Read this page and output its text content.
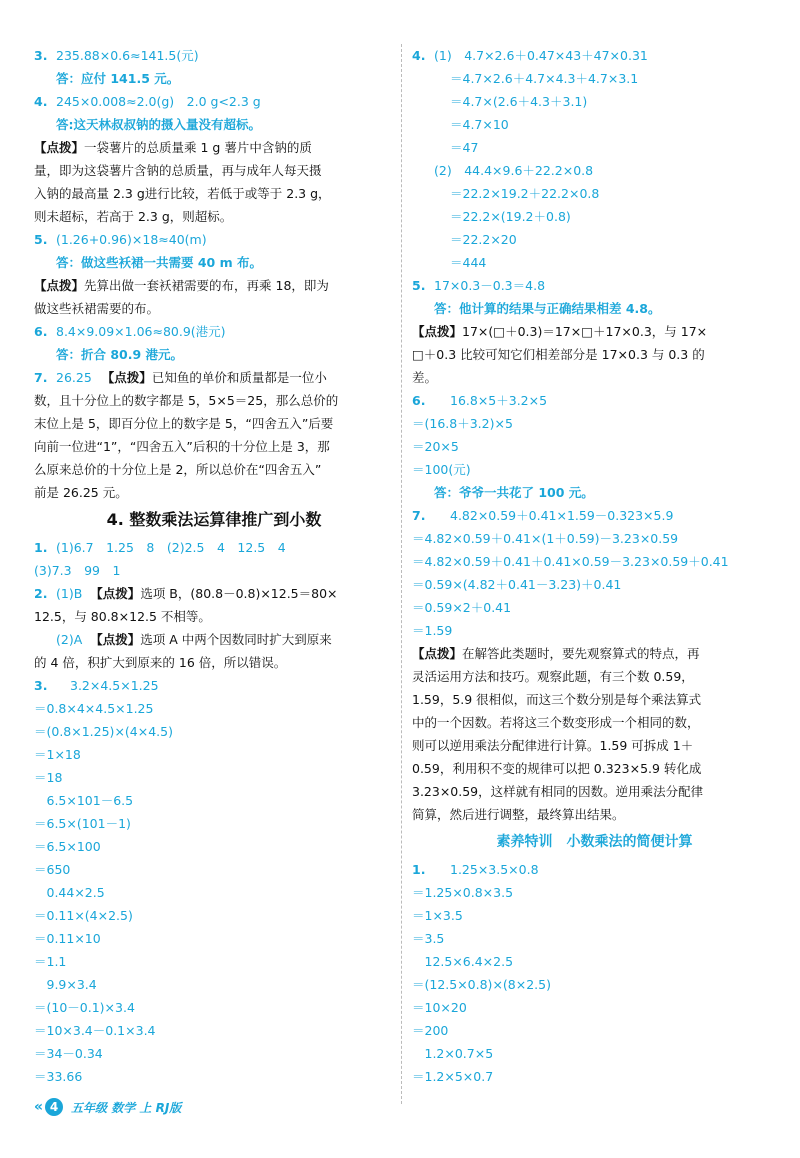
3. 235.88×0.6≈141.5(元)
答：应付 141.5 元。
4. 245×0.008≈2.0(g)　2.0 g<2.3 g
答:这天林叔叔钠的摄入量没有超标。
【点拨】一袋薯片的总质量乘 1 g 薯片中含钠的质
量，即为这袋薯片含钠的总质量，再与成年人每天摄
入钠的最高量 2.3 g进行比较，若低于或等于 2.3 g，
则未超标，若高于 2.3 g，则超标。
5. (1.26+0.96)×18≈40(m)
答：做这些袄裙一共需要 40 m 布。
【点拨】先算出做一套袄裙需要的布，再乘 18，即为
做这些袄裙需要的布。
6. 8.4×9.09×1.06≈80.9(港元)
答：折合 80.9 港元。
7. 26.25 【点拨】已知鱼的单价和质量都是一位小
数，且十分位上的数字都是 5，5×5＝25，那么总价的
末位上是 5，即百分位上的数字是 5，“四舍五入”后要
向前一位进“1”，“四舍五入”后积的十分位上是 3，那
么原来总价的十分位上是 2，所以总价在“四舍五入”
前是 26.25 元。
4. 整数乘法运算律推广到小数
1. (1)6.7　1.25　8　(2)2.5　4　12.5　4
(3)7.3　99　1
2. (1)B 【点拨】选项 B，(80.8－0.8)×12.5＝80×
12.5，与 80.8×12.5 不相等。
(2)A 【点拨】选项 A 中两个因数同时扩大到原来
的 4 倍，积扩大到原来的 16 倍，所以错误。
3. 3.2×4.5×1.25
＝0.8×4×4.5×1.25
＝(0.8×1.25)×(4×4.5)
＝1×18
＝18
　6.5×101－6.5
＝6.5×(101－1)
＝6.5×100
＝650
　0.44×2.5
＝0.11×(4×2.5)
＝0.11×10
＝1.1
　9.9×3.4
＝(10－0.1)×3.4
＝10×3.4－0.1×3.4
＝34－0.34
＝33.66
4. (1)　4.7×2.6＋0.47×43＋47×0.31
＝4.7×2.6＋4.7×4.3＋4.7×3.1
＝4.7×(2.6＋4.3＋3.1)
＝4.7×10
＝47
(2)　44.4×9.6＋22.2×0.8
＝22.2×19.2＋22.2×0.8
＝22.2×(19.2＋0.8)
＝22.2×20
＝444
5. 17×0.3－0.3＝4.8
答：他计算的结果与正确结果相差 4.8。
【点拨】17×(□＋0.3)＝17×□＋17×0.3，与 17×
□＋0.3 比较可知它们相差部分是 17×0.3 与 0.3 的
差。
6. 16.8×5＋3.2×5
＝(16.8＋3.2)×5
＝20×5
＝100(元)
答：爷爷一共花了 100 元。
7. 4.82×0.59＋0.41×1.59－0.323×5.9
＝4.82×0.59＋0.41×(1＋0.59)－3.23×0.59
＝4.82×0.59＋0.41＋0.41×0.59－3.23×0.59＋0.41
＝0.59×(4.82＋0.41－3.23)＋0.41
＝0.59×2＋0.41
＝1.59
【点拨】在解答此类题时，要先观察算式的特点，再
灵活运用方法和技巧。观察此题，有三个数 0.59，
1.59，5.9 很相似，而这三个数分别是每个乘法算式
中的一个因数。若将这三个数变形成一个相同的数，
则可以逆用乘法分配律进行计算。1.59 可拆成 1＋
0.59，利用积不变的规律可以把 0.323×5.9 转化成
3.23×0.59，这样就有相同的因数。逆用乘法分配律
简算，然后进行调整，最终算出结果。
素养特训　小数乘法的简便计算
1. 1.25×3.5×0.8
＝1.25×0.8×3.5
＝1×3.5
＝3.5
　12.5×6.4×2.5
＝(12.5×0.8)×(8×2.5)
＝10×20
＝200
　1.2×0.7×5
＝1.2×5×0.7
« 4	五年级 数学 上 RJ版
